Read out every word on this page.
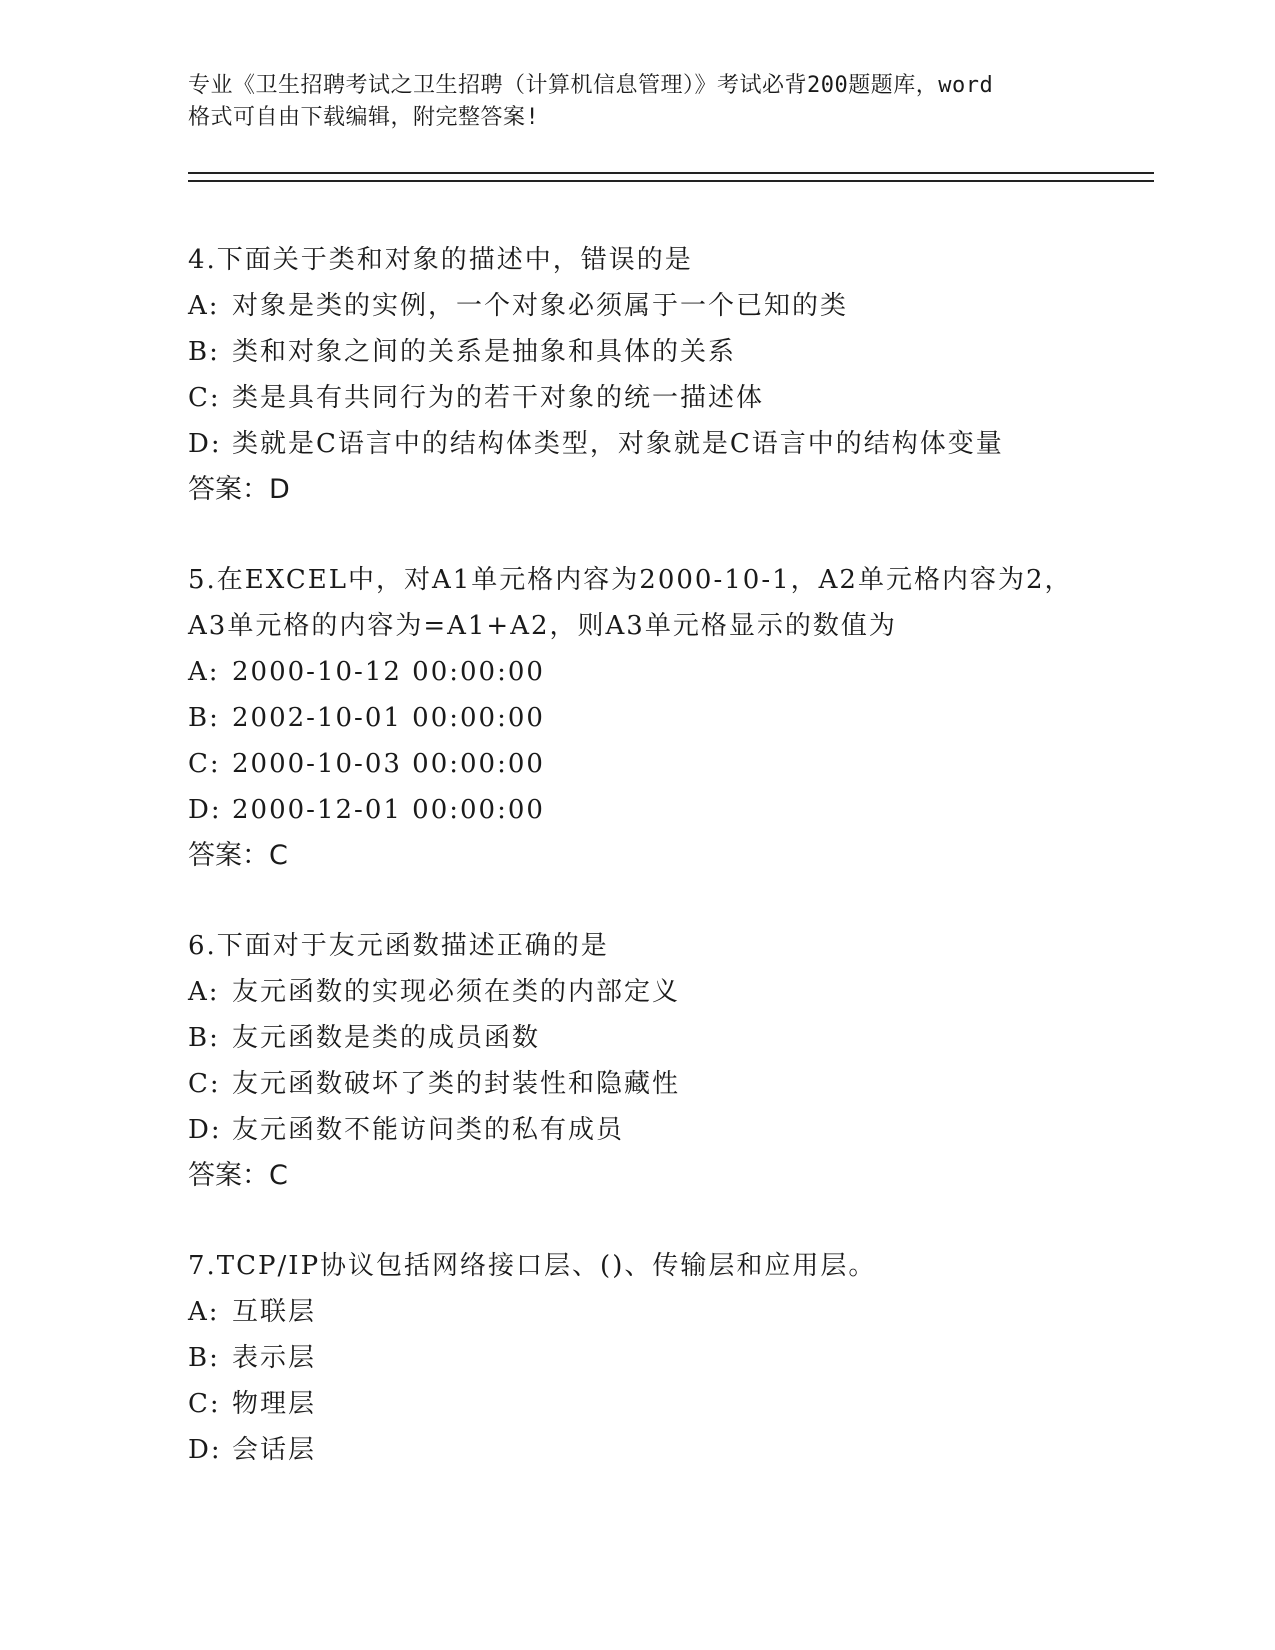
专业《卫生招聘考试之卫生招聘（计算机信息管理）》考试必背200题题库，word
格式可自由下载编辑，附完整答案!
4.下面关于类和对象的描述中，错误的是
A: 对象是类的实例，一个对象必须属于一个已知的类
B: 类和对象之间的关系是抽象和具体的关系
C: 类是具有共同行为的若干对象的统一描述体
D: 类就是C语言中的结构体类型，对象就是C语言中的结构体变量
答案：D
5.在EXCEL中，对A1单元格内容为2000-10-1，A2单元格内容为2，
A3单元格的内容为=A1+A2，则A3单元格显示的数值为
A: 2000-10-12 00:00:00
B: 2002-10-01 00:00:00
C: 2000-10-03 00:00:00
D: 2000-12-01 00:00:00
答案：C
6.下面对于友元函数描述正确的是
A: 友元函数的实现必须在类的内部定义
B: 友元函数是类的成员函数
C: 友元函数破坏了类的封装性和隐藏性
D: 友元函数不能访问类的私有成员
答案：C
7.TCP/IP协议包括网络接口层、()、传输层和应用层。
A: 互联层
B: 表示层
C: 物理层
D: 会话层
